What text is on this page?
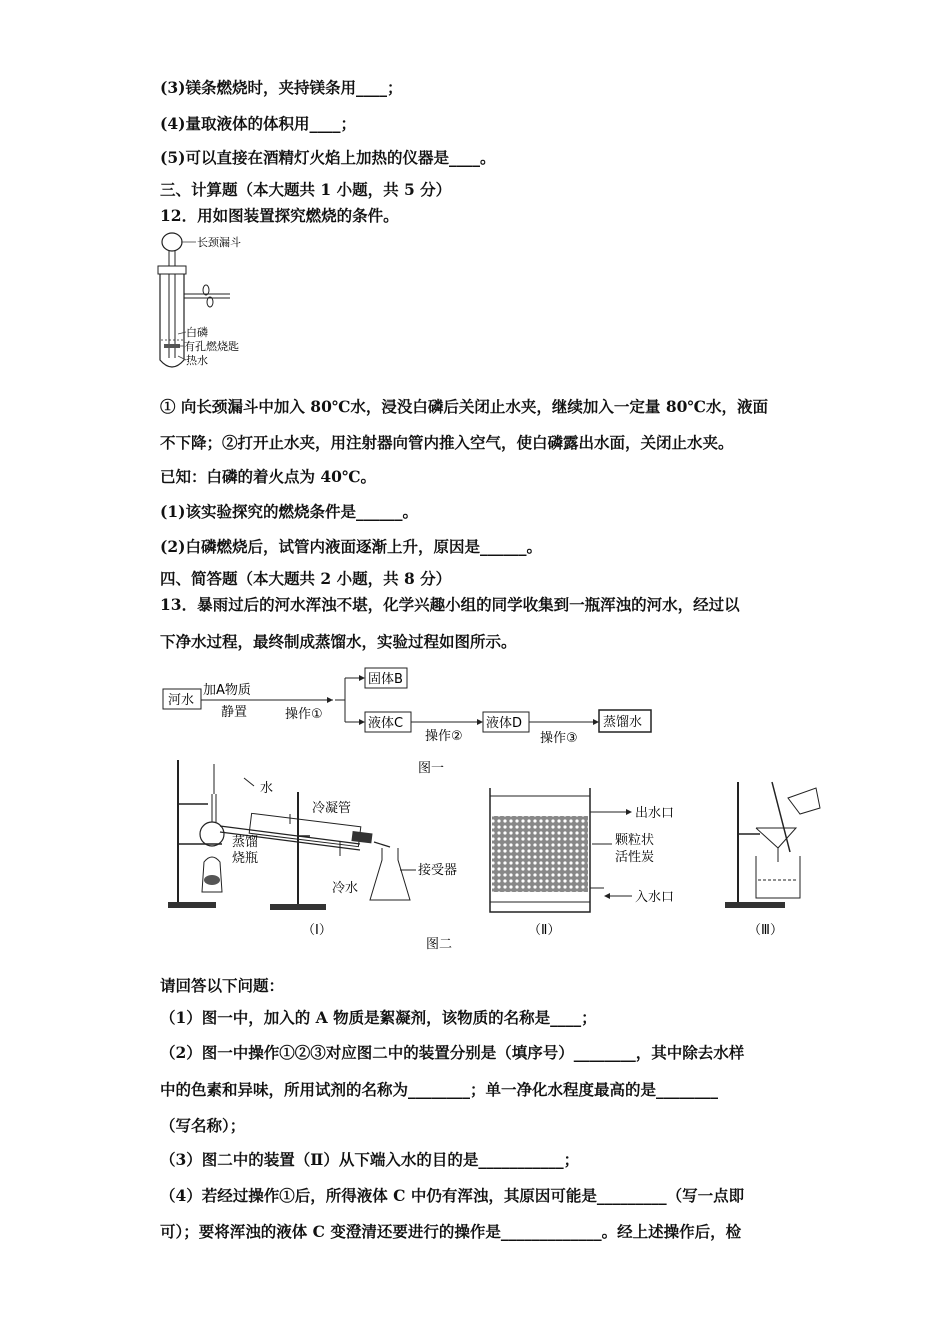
(3)镁条燃烧时，夹持镁条用____；
(4)量取液体的体积用____；
(5)可以直接在酒精灯火焰上加热的仪器是____。
三、计算题（本大题共 1 小题，共 5 分）
12．用如图装置探究燃烧的条件。
长颈漏斗
白磷
有孔燃烧匙
热水
① 向长颈漏斗中加入 80℃水，浸没白磷后关闭止水夹，继续加入一定量 80℃水，液面
不下降；②打开止水夹，用注射器向管内推入空气，使白磷露出水面，关闭止水夹。
已知：白磷的着火点为 40℃。
(1)该实验探究的燃烧条件是______。
(2)白磷燃烧后，试管内液面逐渐上升，原因是______。
四、简答题（本大题共 2 小题，共 8 分）
13．暴雨过后的河水浑浊不堪，化学兴趣小组的同学收集到一瓶浑浊的河水，经过以
下净水过程，最终制成蒸馏水，实验过程如图所示。
河水
加A物质
静置	操作①
固体B
液体C
操作②
液体D
操作③
蒸馏水
图一
水
冷凝管
蒸馏
烧瓶
冷水
接受器
（Ⅰ）
出水口
颗粒状
活性炭
入水口
（Ⅱ）
图二
（Ⅲ）
请回答以下问题：
（1）图一中，加入的 A 物质是絮凝剂，该物质的名称是____；
（2）图一中操作①②③对应图二中的装置分别是（填序号）________，其中除去水样
中的色素和异味，所用试剂的名称为________；单一净化水程度最高的是________
（写名称）；
（3）图二中的装置（Ⅱ）从下端入水的目的是___________；
（4）若经过操作①后，所得液体 C 中仍有浑浊，其原因可能是_________（写一点即
可）；要将浑浊的液体 C 变澄清还要进行的操作是_____________。经上述操作后，检
